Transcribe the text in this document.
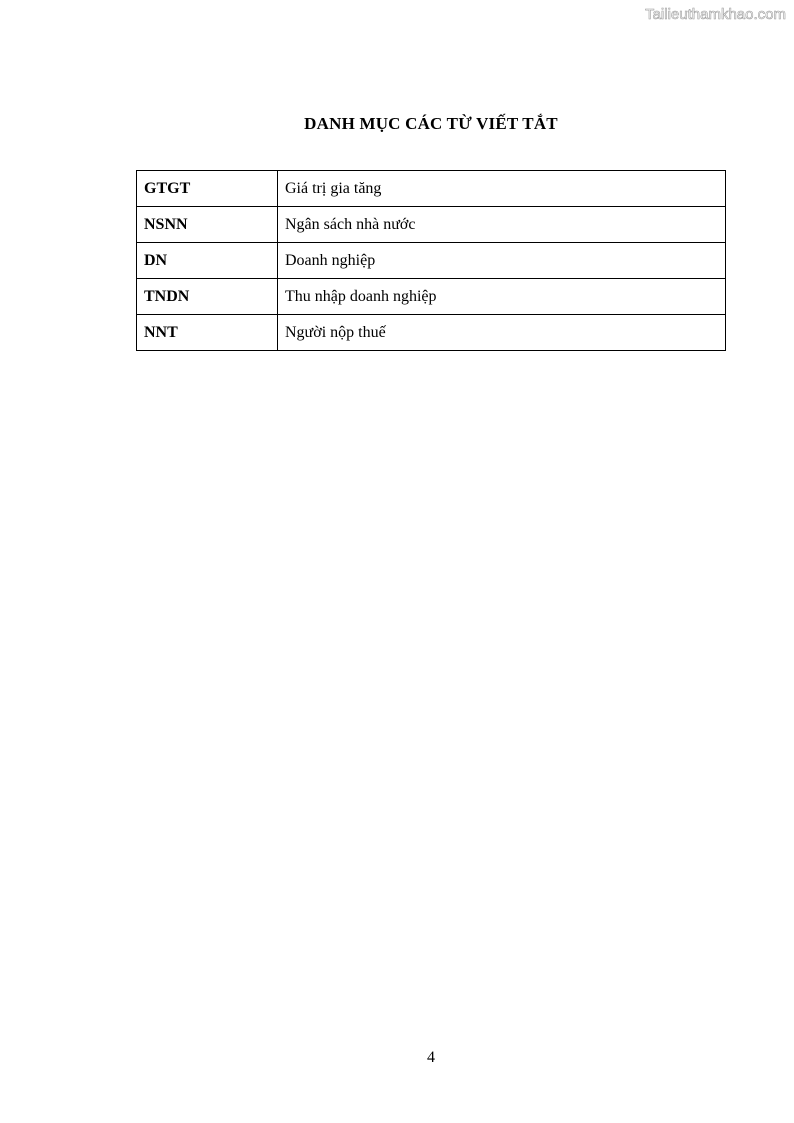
Tailieuthamkhao.com
DANH MỤC CÁC TỪ VIẾT TẮT
GTGT	Giá trị gia tăng
NSNN	Ngân sách nhà nước
DN	Doanh nghiệp
TNDN	Thu nhập doanh nghiệp
NNT	Người nộp thuế
4
